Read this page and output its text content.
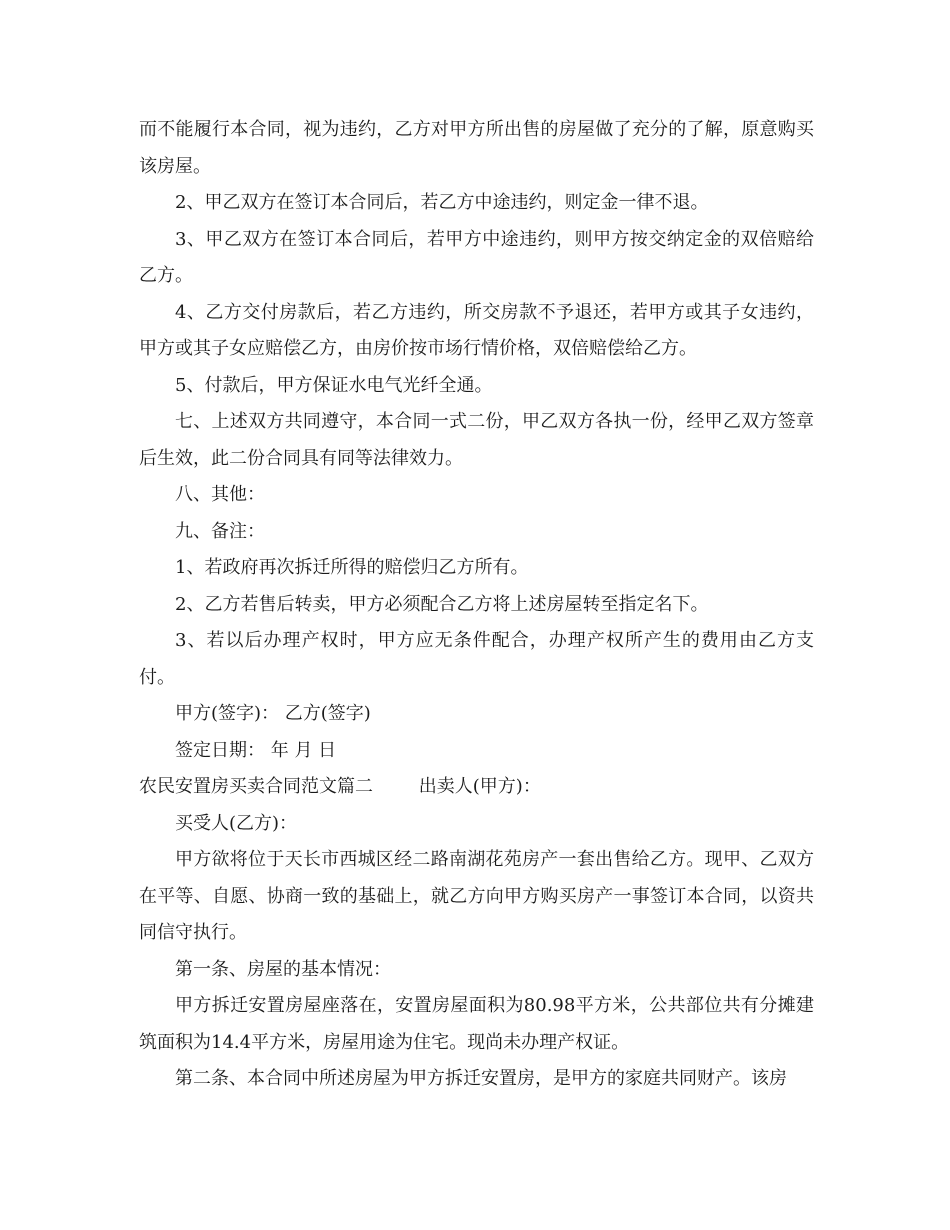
而不能履行本合同，视为违约，乙方对甲方所出售的房屋做了充分的了解，原意购买该房屋。

2、甲乙双方在签订本合同后，若乙方中途违约，则定金一律不退。

3、甲乙双方在签订本合同后，若甲方中途违约，则甲方按交纳定金的双倍赔给乙方。

4、乙方交付房款后，若乙方违约，所交房款不予退还，若甲方或其子女违约，甲方或其子女应赔偿乙方，由房价按市场行情价格，双倍赔偿给乙方。

5、付款后，甲方保证水电气光纤全通。

七、上述双方共同遵守，本合同一式二份，甲乙双方各执一份，经甲乙双方签章后生效，此二份合同具有同等法律效力。

八、其他：

九、备注：

1、若政府再次拆迁所得的赔偿归乙方所有。

2、乙方若售后转卖，甲方必须配合乙方将上述房屋转至指定名下。

3、若以后办理产权时，甲方应无条件配合，办理产权所产生的费用由乙方支付。

甲方(签字)： 乙方(签字)

签定日期： 年 月 日

农民安置房买卖合同范文篇二        出卖人(甲方)：

买受人(乙方)：

甲方欲将位于天长市西城区经二路南湖花苑房产一套出售给乙方。现甲、乙双方在平等、自愿、协商一致的基础上，就乙方向甲方购买房产一事签订本合同，以资共同信守执行。

第一条、房屋的基本情况：

甲方拆迁安置房屋座落在，安置房屋面积为80.98平方米，公共部位共有分摊建筑面积为14.4平方米，房屋用途为住宅。现尚未办理产权证。

第二条、本合同中所述房屋为甲方拆迁安置房，是甲方的家庭共同财产。该房
